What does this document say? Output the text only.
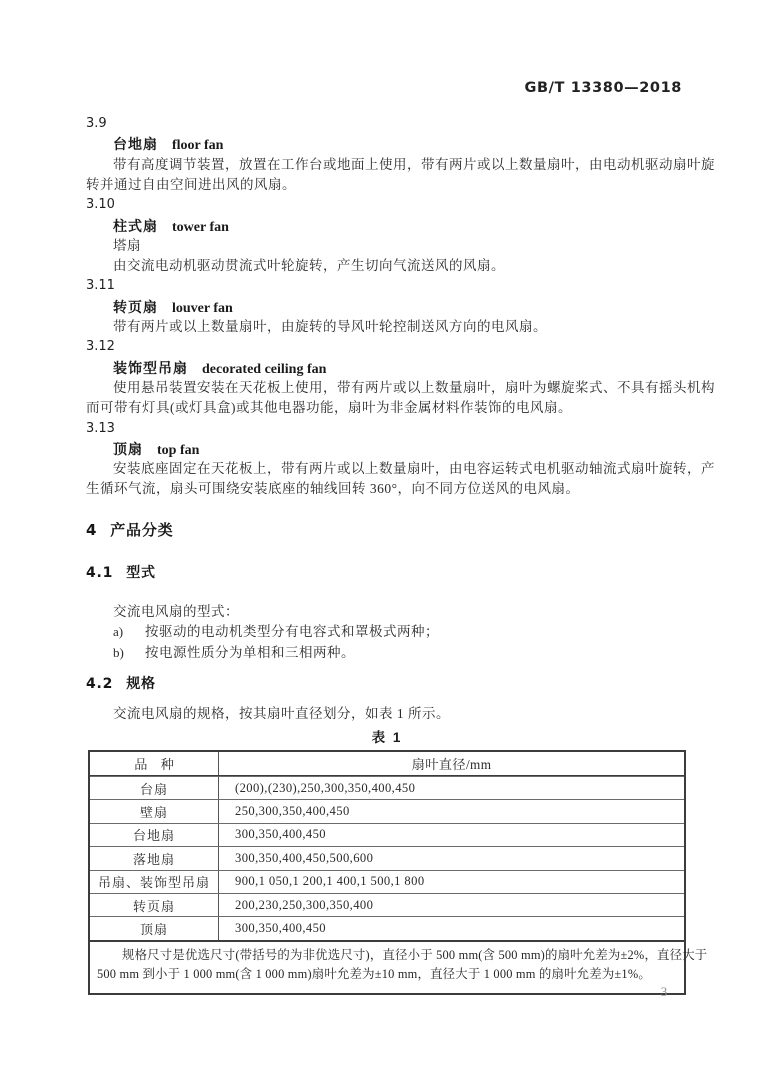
GB/T 13380—2018
3.9
台地扇 floor fan
带有高度调节装置，放置在工作台或地面上使用，带有两片或以上数量扇叶，由电动机驱动扇叶旋
转并通过自由空间进出风的风扇。
3.10
柱式扇 tower fan
塔扇
由交流电动机驱动贯流式叶轮旋转，产生切向气流送风的风扇。
3.11
转页扇 louver fan
带有两片或以上数量扇叶，由旋转的导风叶轮控制送风方向的电风扇。
3.12
装饰型吊扇 decorated ceiling fan
使用悬吊装置安装在天花板上使用，带有两片或以上数量扇叶，扇叶为螺旋桨式、不具有摇头机构
而可带有灯具(或灯具盒)或其他电器功能，扇叶为非金属材料作装饰的电风扇。
3.13
顶扇 top fan
安装底座固定在天花板上，带有两片或以上数量扇叶，由电容运转式电机驱动轴流式扇叶旋转，产
生循环气流，扇头可围绕安装底座的轴线回转 360°，向不同方位送风的电风扇。
4 产品分类
4.1 型式
交流电风扇的型式：
a) 按驱动的电动机类型分有电容式和罩极式两种；
b) 按电源性质分为单相和三相两种。
4.2 规格
交流电风扇的规格，按其扇叶直径划分，如表 1 所示。
表 1
品　种	扇叶直径/mm
台扇	(200),(230),250,300,350,400,450
壁扇	250,300,350,400,450
台地扇	300,350,400,450
落地扇	300,350,400,450,500,600
吊扇、装饰型吊扇	900,1 050,1 200,1 400,1 500,1 800
转页扇	200,230,250,300,350,400
顶扇	300,350,400,450
规格尺寸是优选尺寸(带括号的为非优选尺寸)，直径小于 500 mm(含 500 mm)的扇叶允差为±2%，直径大于
500 mm 到小于 1 000 mm(含 1 000 mm)扇叶允差为±10 mm，直径大于 1 000 mm 的扇叶允差为±1%。
3
